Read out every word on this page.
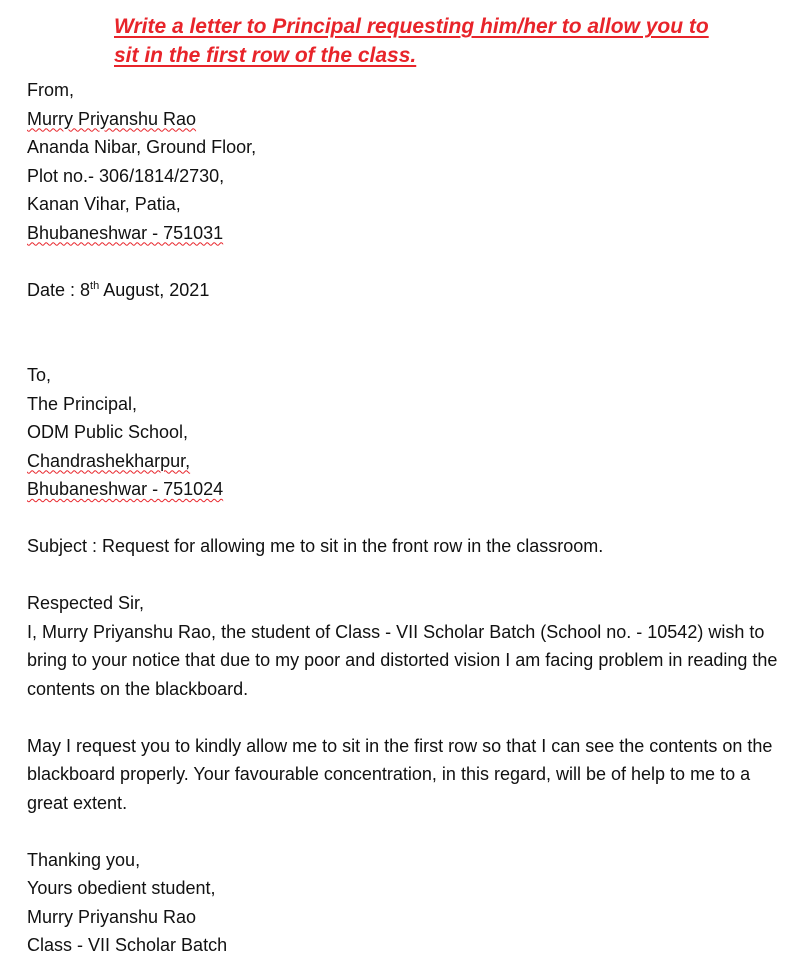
Write a letter to Principal requesting him/her to allow you to
sit in the first row of the class.
From,
Murry Priyanshu Rao
Ananda Nibar, Ground Floor,
Plot no.- 306/1814/2730,
Kanan Vihar, Patia,
Bhubaneshwar - 751031
Date : 8th August, 2021
To,
The Principal,
ODM Public School,
Chandrashekharpur,
Bhubaneshwar - 751024
Subject : Request for allowing me to sit in the front row in the classroom.
Respected Sir,
I, Murry Priyanshu Rao, the student of Class - VII Scholar Batch (School no. - 10542) wish to bring to your notice that due to my poor and distorted vision I am facing problem in reading the contents on the blackboard.
May I request you to kindly allow me to sit in the first row so that I can see the contents on the blackboard properly. Your favourable concentration, in this regard, will be of help to me to a great extent.
Thanking you,
Yours obedient student,
Murry Priyanshu Rao
Class - VII Scholar Batch
